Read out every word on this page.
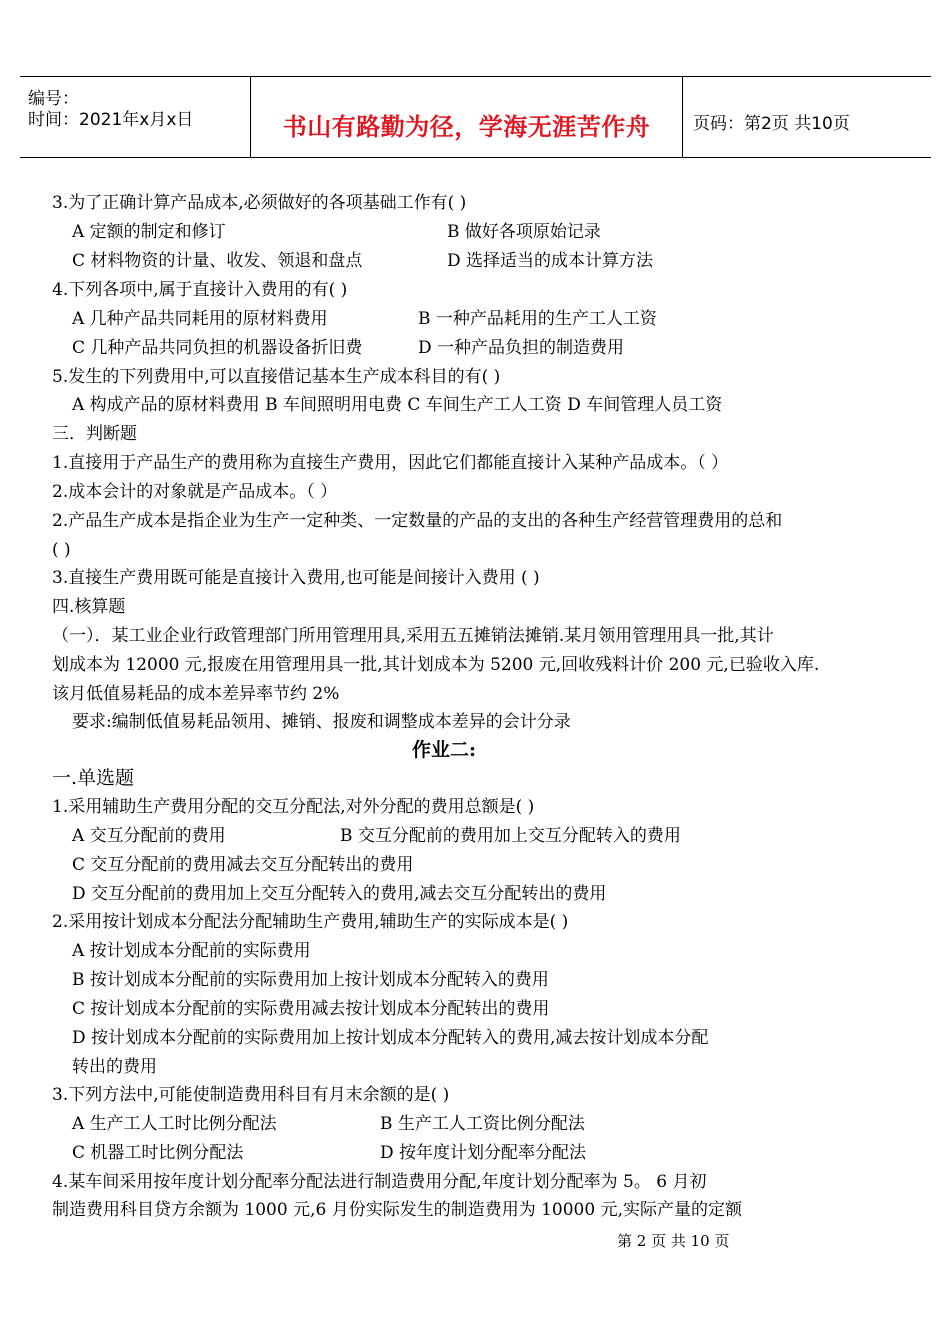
编号：
时间：2021年x月x日	书山有路勤为径，学海无涯苦作舟	页码：第2页 共10页
3.为了正确计算产品成本,必须做好的各项基础工作有( )
A 定额的制定和修订	B 做好各项原始记录
C 材料物资的计量、收发、领退和盘点	D 选择适当的成本计算方法
4.下列各项中,属于直接计入费用的有( )
A 几种产品共同耗用的原材料费用	B 一种产品耗用的生产工人工资
C 几种产品共同负担的机器设备折旧费	D 一种产品负担的制造费用
5.发生的下列费用中,可以直接借记基本生产成本科目的有( )
A 构成产品的原材料费用 B 车间照明用电费 C 车间生产工人工资 D 车间管理人员工资
三．判断题
1.直接用于产品生产的费用称为直接生产费用，因此它们都能直接计入某种产品成本。（ ）
2.成本会计的对象就是产品成本。（ ）
2.产品生产成本是指企业为生产一定种类、一定数量的产品的支出的各种生产经营管理费用的总和
( )
3.直接生产费用既可能是直接计入费用,也可能是间接计入费用 ( )
四.核算题
（一）．某工业企业行政管理部门所用管理用具,采用五五摊销法摊销.某月领用管理用具一批,其计
划成本为 12000 元,报废在用管理用具一批,其计划成本为 5200 元,回收残料计价 200 元,已验收入库.
该月低值易耗品的成本差异率节约 2%
要求:编制低值易耗品领用、摊销、报废和调整成本差异的会计分录
作业二:
一.单选题
1.采用辅助生产费用分配的交互分配法,对外分配的费用总额是( )
A 交互分配前的费用	B 交互分配前的费用加上交互分配转入的费用
C 交互分配前的费用减去交互分配转出的费用
D 交互分配前的费用加上交互分配转入的费用,减去交互分配转出的费用
2.采用按计划成本分配法分配辅助生产费用,辅助生产的实际成本是( )
A 按计划成本分配前的实际费用
B 按计划成本分配前的实际费用加上按计划成本分配转入的费用
C 按计划成本分配前的实际费用减去按计划成本分配转出的费用
D 按计划成本分配前的实际费用加上按计划成本分配转入的费用,减去按计划成本分配
转出的费用
3.下列方法中,可能使制造费用科目有月末余额的是( )
A 生产工人工时比例分配法	B 生产工人工资比例分配法
C 机器工时比例分配法	D 按年度计划分配率分配法
4.某车间采用按年度计划分配率分配法进行制造费用分配,年度计划分配率为 5。 6 月初
制造费用科目贷方余额为 1000 元,6 月份实际发生的制造费用为 10000 元,实际产量的定额
第 2 页 共 10 页
